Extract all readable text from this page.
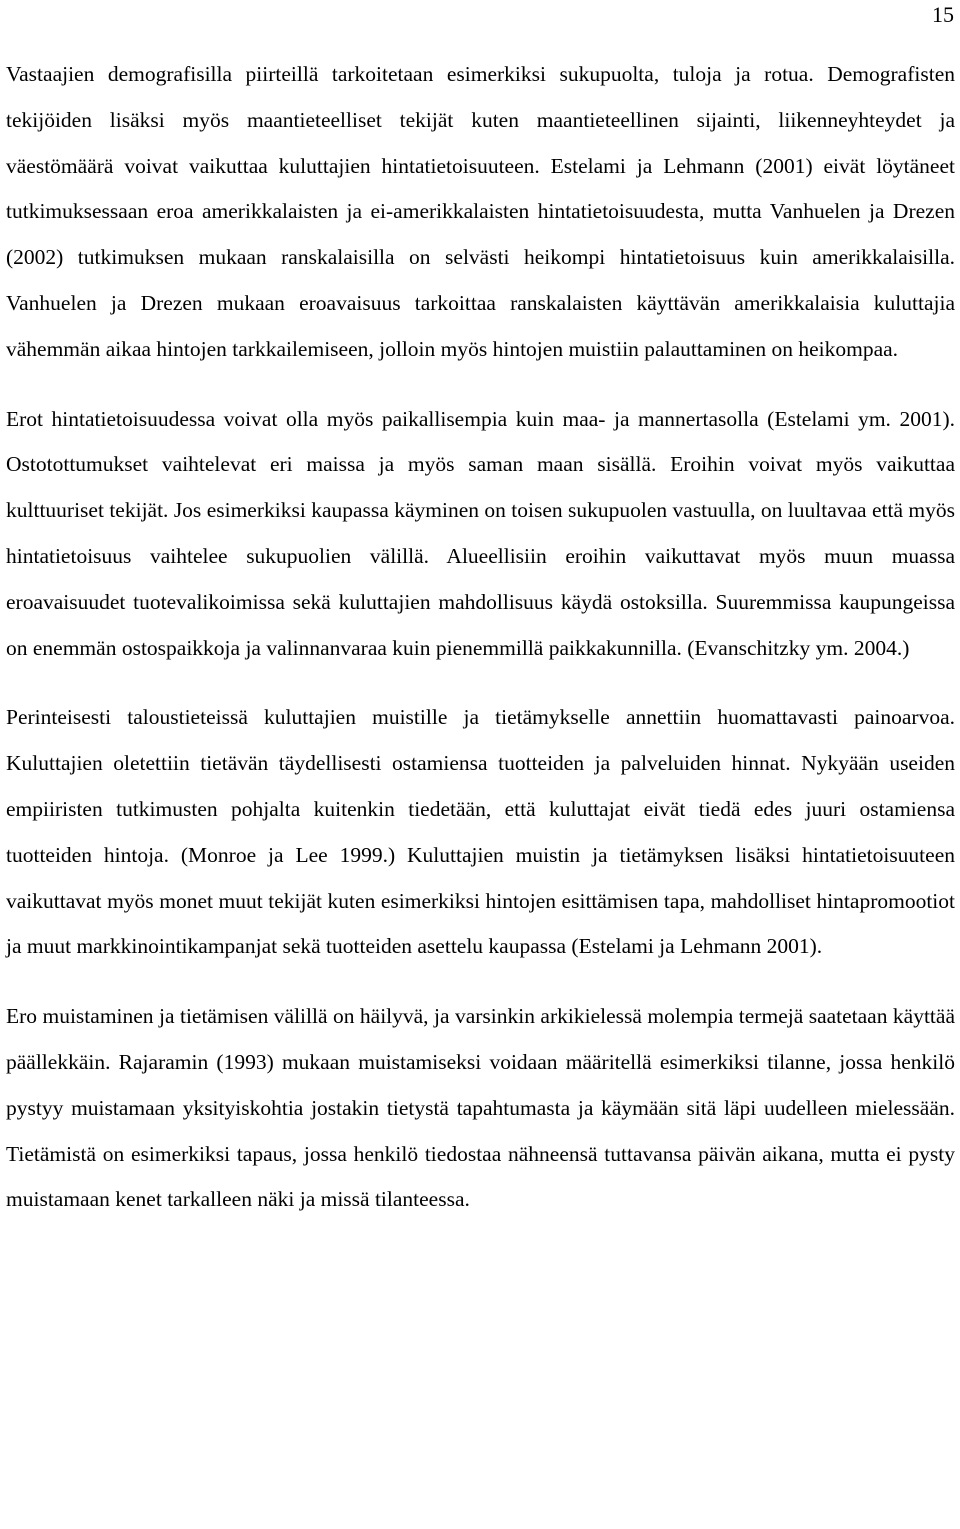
15

Vastaajien demografisilla piirteillä tarkoitetaan esimerkiksi sukupuolta, tuloja ja rotua. Demografisten tekijöiden lisäksi myös maantieteelliset tekijät kuten maantieteellinen sijainti, liikenneyhteydet ja väestömäärä voivat vaikuttaa kuluttajien hintatietoisuuteen. Estelami ja Lehmann (2001) eivät löytäneet tutkimuksessaan eroa amerikkalaisten ja ei-amerikkalaisten hintatietoisuudesta, mutta Vanhuelen ja Drezen (2002) tutkimuksen mukaan ranskalaisilla on selvästi heikompi hintatietoisuus kuin amerikkalaisilla. Vanhuelen ja Drezen mukaan eroavaisuus tarkoittaa ranskalaisten käyttävän amerikkalaisia kuluttajia vähemmän aikaa hintojen tarkkailemiseen, jolloin myös hintojen muistiin palauttaminen on heikompaa.

Erot hintatietoisuudessa voivat olla myös paikallisempia kuin maa- ja mannertasolla (Estelami ym. 2001). Ostotottumukset vaihtelevat eri maissa ja myös saman maan sisällä. Eroihin voivat myös vaikuttaa kulttuuriset tekijät. Jos esimerkiksi kaupassa käyminen on toisen sukupuolen vastuulla, on luultavaa että myös hintatietoisuus vaihtelee sukupuolien välillä. Alueellisiin eroihin vaikuttavat myös muun muassa eroavaisuudet tuotevalikoimissa sekä kuluttajien mahdollisuus käydä ostoksilla. Suuremmissa kaupungeissa on enemmän ostospaikkoja ja valinnanvaraa kuin pienemmillä paikkakunnilla. (Evanschitzky ym. 2004.)

Perinteisesti taloustieteissä kuluttajien muistille ja tietämykselle annettiin huomattavasti painoarvoa. Kuluttajien oletettiin tietävän täydellisesti ostamiensa tuotteiden ja palveluiden hinnat. Nykyään useiden empiiristen tutkimusten pohjalta kuitenkin tiedetään, että kuluttajat eivät tiedä edes juuri ostamiensa tuotteiden hintoja. (Monroe ja Lee 1999.) Kuluttajien muistin ja tietämyksen lisäksi hintatietoisuuteen vaikuttavat myös monet muut tekijät kuten esimerkiksi hintojen esittämisen tapa, mahdolliset hintapromootiot ja muut markkinointikampanjat sekä tuotteiden asettelu kaupassa (Estelami ja Lehmann 2001).

Ero muistaminen ja tietämisen välillä on häilyvä, ja varsinkin arkikielessä molempia termejä saatetaan käyttää päällekkäin. Rajaramin (1993) mukaan muistamiseksi voidaan määritellä esimerkiksi tilanne, jossa henkilö pystyy muistamaan yksityiskohtia jostakin tietystä tapahtumasta ja käymään sitä läpi uudelleen mielessään. Tietämistä on esimerkiksi tapaus, jossa henkilö tiedostaa nähneensä tuttavansa päivän aikana, mutta ei pysty muistamaan kenet tarkalleen näki ja missä tilanteessa.
